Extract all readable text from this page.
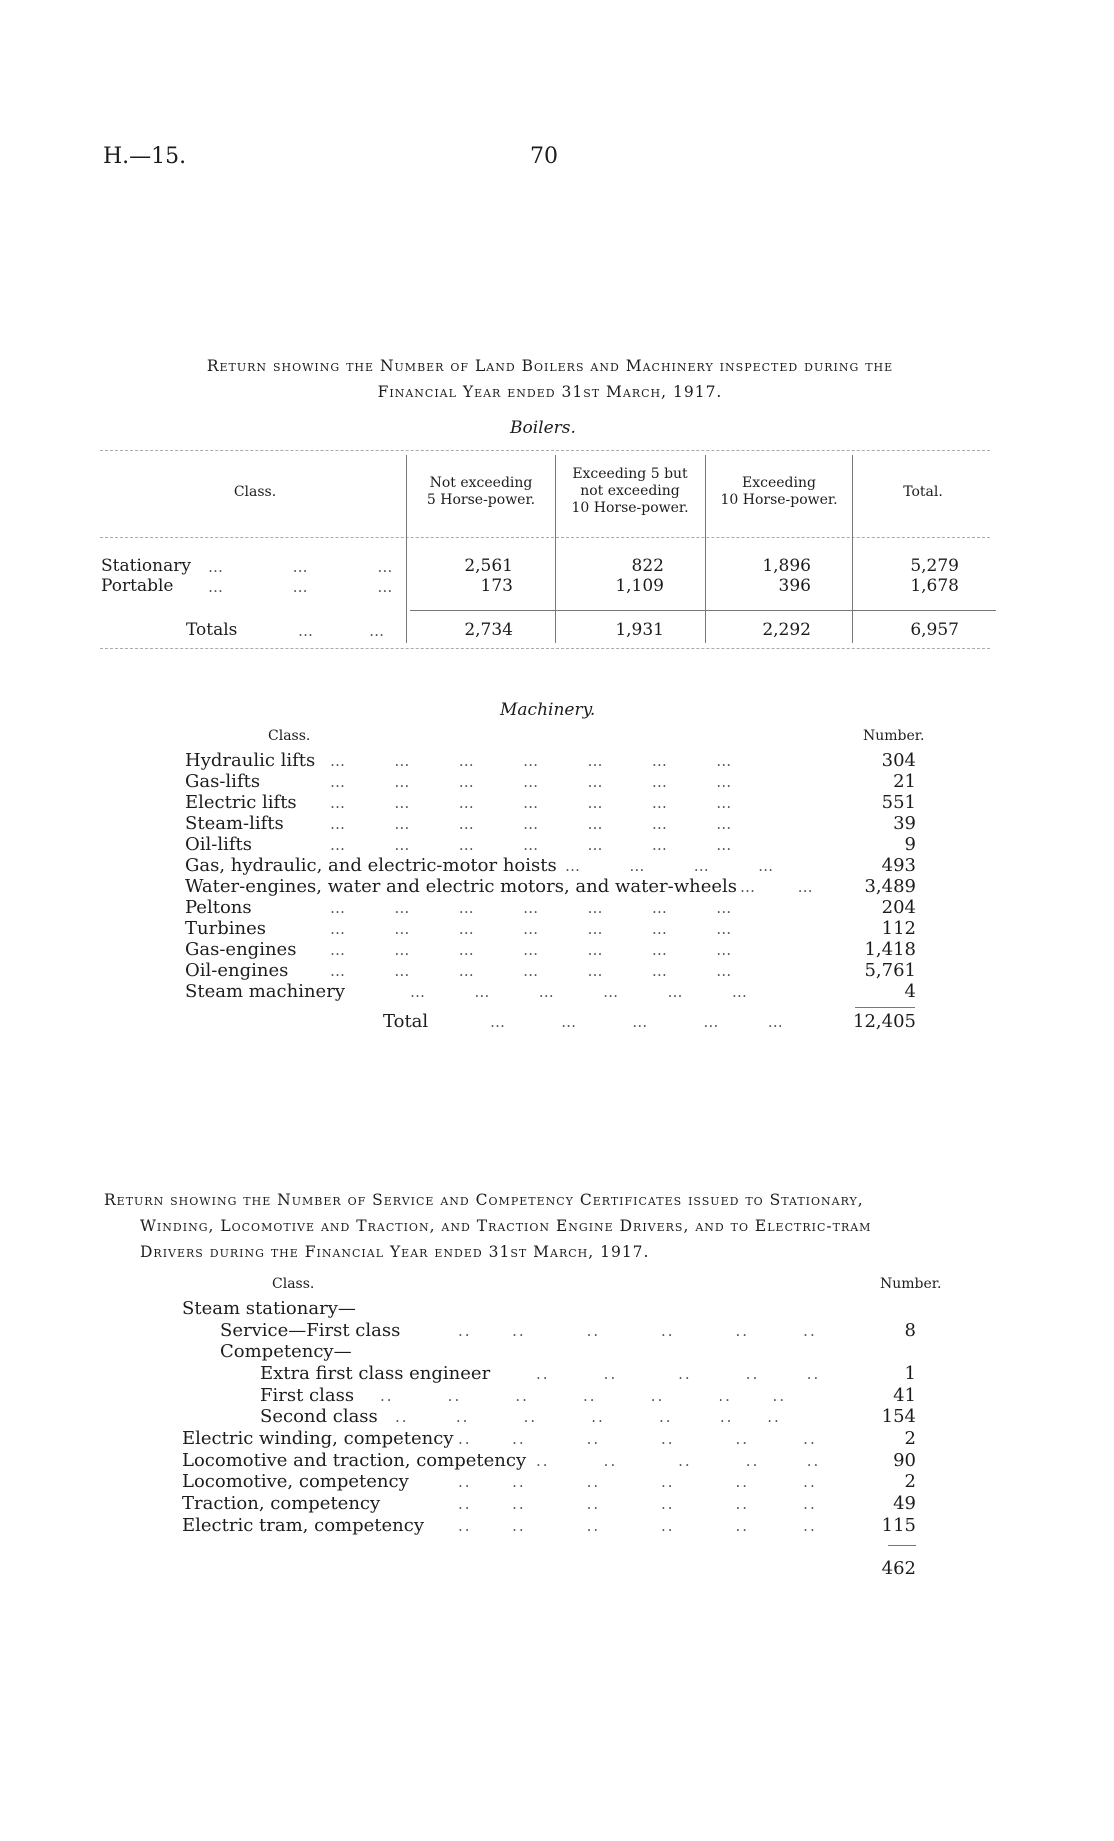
H.—15.	70
Return showing the Number of Land Boilers and Machinery inspected during the
Financial Year ended 31st March, 1917.
Boilers.
Class.
Not exceeding
5 Horse-power.
Exceeding 5 but
not exceeding
10 Horse-power.
Exceeding
10 Horse-power.	Total.
Stationary …          …          …	2,561	822	1,896	5,279
Portable …          …          …	173	1,109	396	1,678
Totals	…        …	2,734	1,931	2,292	6,957
Machinery.
Class.	Number.
Hydraulic lifts …       …       …       …       …       …       …	304
Gas-lifts	…       …       …       …       …       …       …	21
Electric lifts …       …       …       …       …       …       …	551
Steam-lifts	…       …       …       …       …       …       …	39
Oil-lifts	…       …       …       …       …       …       …	9
Gas, hydraulic, and electric-motor hoists …       …       …       …	493
Water-engines, water and electric motors, and water-wheels …      …	3,489
Peltons	…       …       …       …       …       …       …	204
Turbines	…       …       …       …       …       …       …	112
Gas-engines …       …       …       …       …       …       …	1,418
Oil-engines	…       …       …       …       …       …       …	5,761
Steam machinery	…       …       …       …       …       …	4
Total	…        …        …        …       …	12,405
Return showing the Number of Service and Competency Certificates issued to Stationary,
Winding, Locomotive and Traction, and Traction Engine Drivers, and to Electric-tram
Drivers during the Financial Year ended 31st March, 1917.
Class.	Number.
Steam stationary—
Service—First class	..      ..         ..         ..         ..        ..	8
Competency—
Extra first class engineer	..        ..         ..        ..       ..	1
First class ..        ..        ..        ..        ..        ..      ..	41
Second class ..       ..        ..        ..        ..       ..     ..	154
Electric winding, competency ..      ..         ..         ..         ..        ..	2
Locomotive and traction, competency ..        ..         ..        ..       ..	90
Locomotive, competency	..      ..         ..         ..         ..        ..	2
Traction, competency	..      ..         ..         ..         ..        ..	49
Electric tram, competency ..      ..         ..         ..         ..        ..	115
462
